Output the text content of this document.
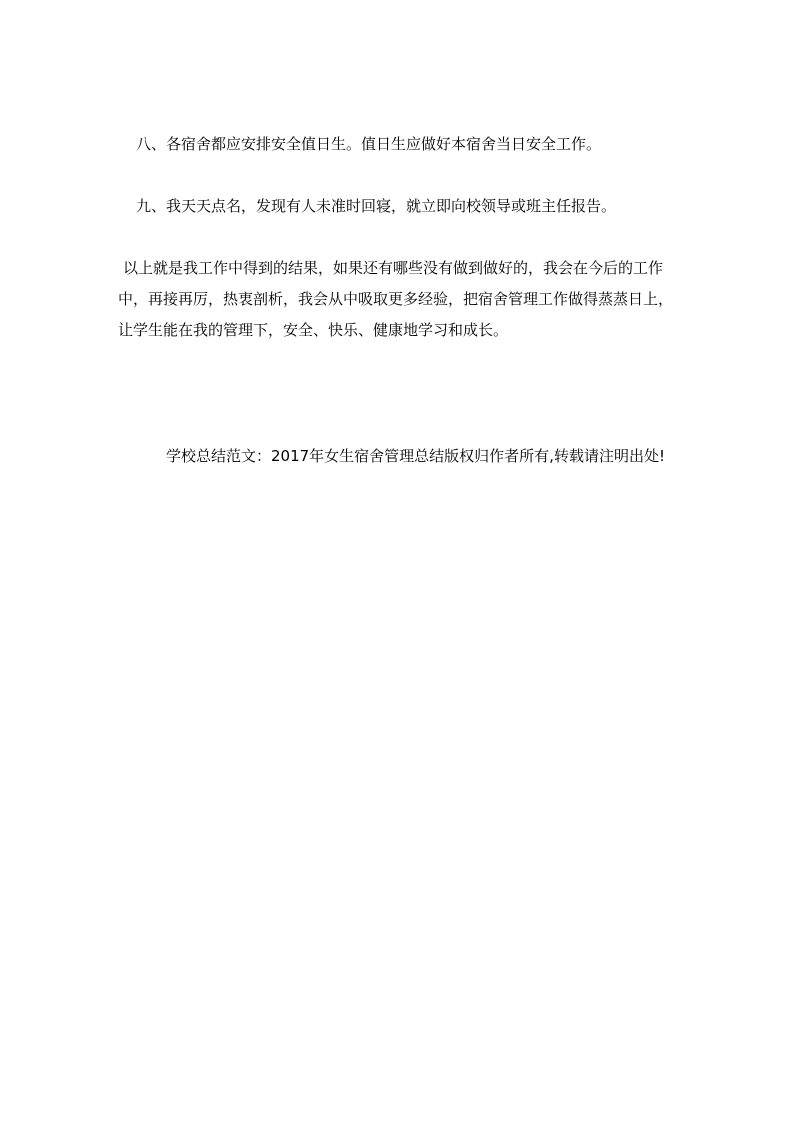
八、各宿舍都应安排安全值日生。值日生应做好本宿舍当日安全工作。

九、我天天点名，发现有人未准时回寝，就立即向校领导或班主任报告。

以上就是我工作中得到的结果，如果还有哪些没有做到做好的，我会在今后的工作中，再接再厉，热衷剖析，我会从中吸取更多经验，把宿舍管理工作做得蒸蒸日上，让学生能在我的管理下，安全、快乐、健康地学习和成长。

学校总结范文：2017年女生宿舍管理总结版权归作者所有,转载请注明出处!
